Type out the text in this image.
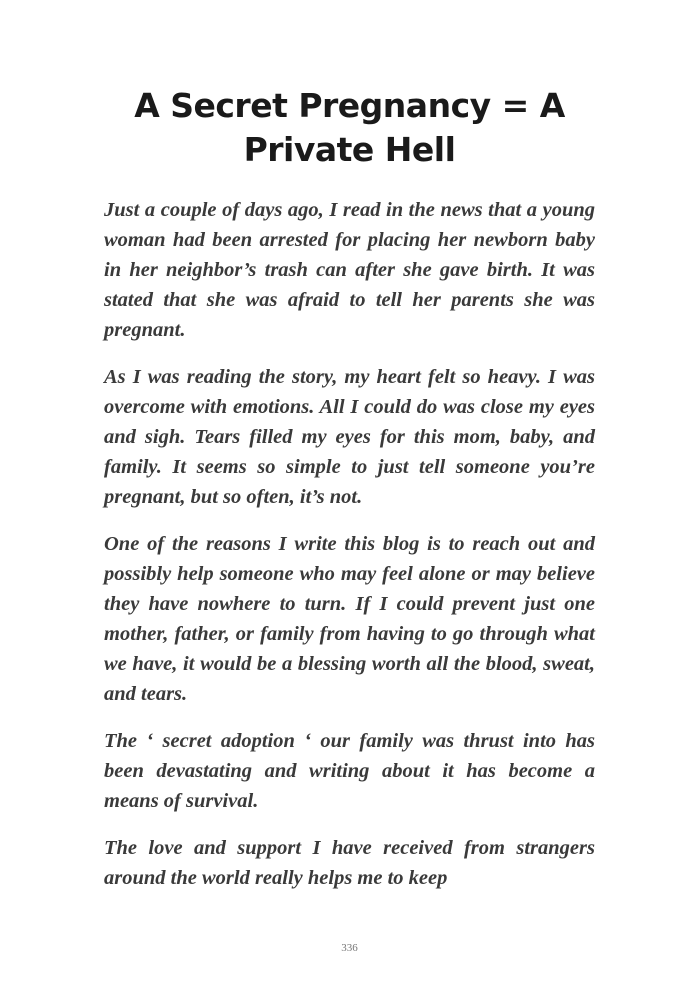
A Secret Pregnancy = A Private Hell

Just a couple of days ago, I read in the news that a young woman had been arrested for placing her newborn baby in her neighbor’s trash can after she gave birth. It was stated that she was afraid to tell her parents she was pregnant.

As I was reading the story, my heart felt so heavy. I was overcome with emotions. All I could do was close my eyes and sigh. Tears filled my eyes for this mom, baby, and family. It seems so simple to just tell someone you’re pregnant, but so often, it’s not.

One of the reasons I write this blog is to reach out and possibly help someone who may feel alone or may believe they have nowhere to turn. If I could prevent just one mother, father, or family from having to go through what we have, it would be a blessing worth all the blood, sweat, and tears.

The ‘ secret adoption ‘ our family was thrust into has been devastating and writing about it has become a means of survival.

The love and support I have received from strangers around the world really helps me to keep

336
